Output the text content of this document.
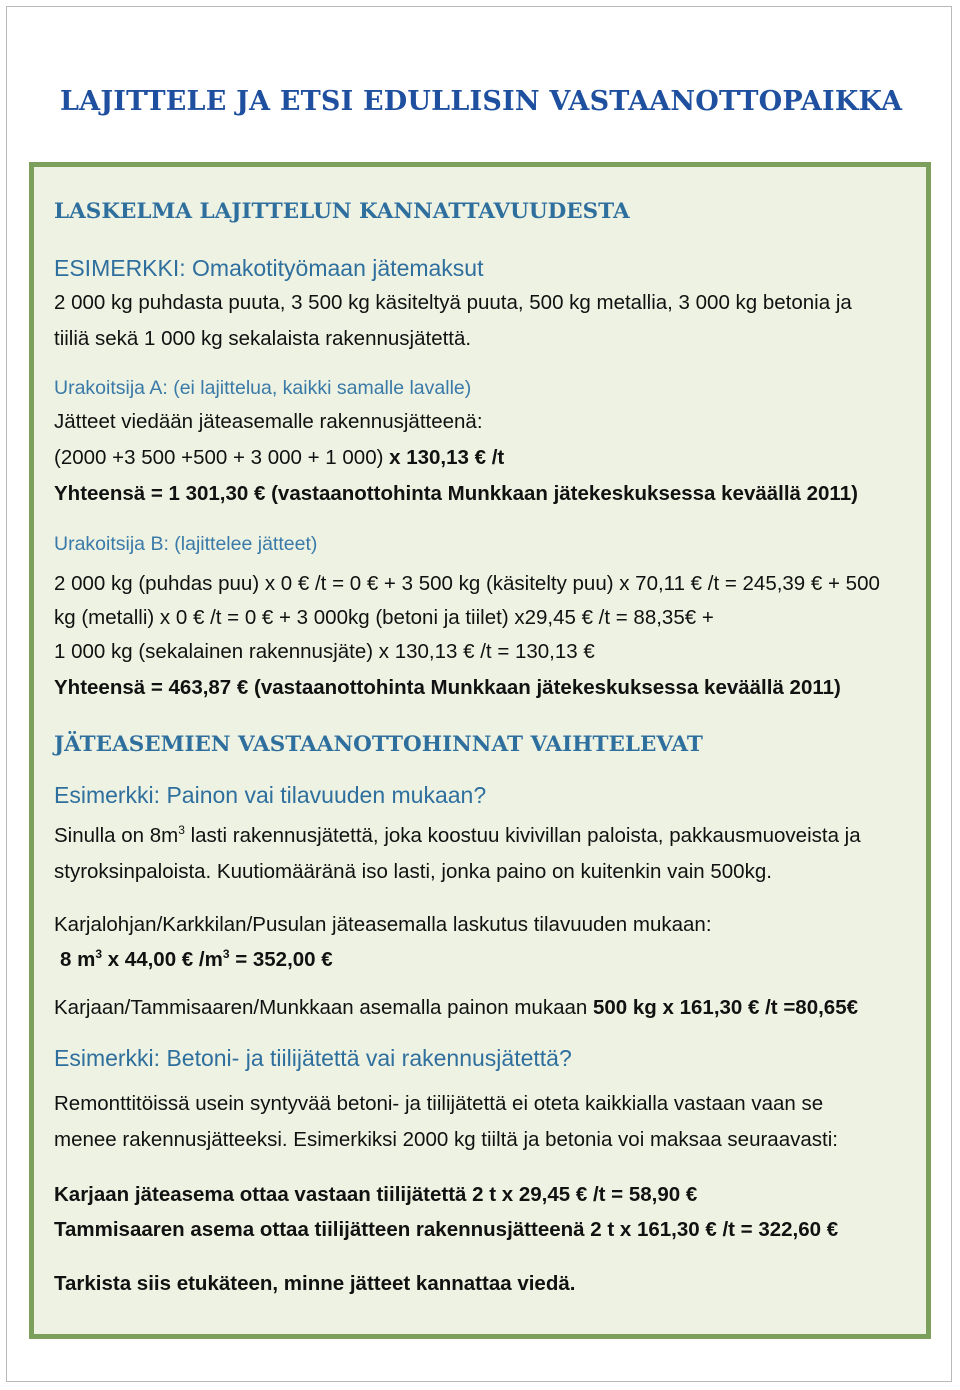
LAJITTELE JA ETSI EDULLISIN VASTAANOTTOPAIKKA
LASKELMA LAJITTELUN KANNATTAVUUDESTA
ESIMERKKI: Omakotityömaan jätemaksut
2 000 kg puhdasta puuta, 3 500 kg käsiteltyä puuta, 500 kg metallia, 3 000 kg betonia ja
tiiliä sekä 1 000 kg sekalaista rakennusjätettä.
Urakoitsija A: (ei lajittelua, kaikki samalle lavalle)
Jätteet viedään jäteasemalle rakennusjätteenä:
(2000 +3 500 +500 + 3 000 + 1 000) x 130,13 € /t
Yhteensä = 1 301,30 € (vastaanottohinta Munkkaan jätekeskuksessa keväällä 2011)
Urakoitsija B: (lajittelee jätteet)
2 000 kg (puhdas puu) x 0 € /t = 0 € + 3 500 kg (käsitelty puu) x 70,11 € /t = 245,39 € + 500
kg (metalli) x 0 € /t = 0 € + 3 000kg (betoni ja tiilet) x29,45 € /t = 88,35€ +
1 000 kg (sekalainen rakennusjäte) x 130,13 € /t = 130,13 €
Yhteensä = 463,87 € (vastaanottohinta Munkkaan jätekeskuksessa keväällä 2011)
JÄTEASEMIEN VASTAANOTTOHINNAT VAIHTELEVAT
Esimerkki: Painon vai tilavuuden mukaan?
Sinulla on $8m^3$ lasti rakennusjätettä, joka koostuu kivivillan paloista, pakkausmuoveista ja
styroksinpaloista. Kuutiomääränä iso lasti, jonka paino on kuitenkin vain 500kg.
Karjalohjan/Karkkilan/Pusulan jäteasemalla laskutus tilavuuden mukaan:
8 $m^3$ x 44,00 € $/m^3 = 352,00$ €
Karjaan/Tammisaaren/Munkkaan asemalla painon mukaan 500 kg x 161,30 € /t =80,65€
Esimerkki: Betoni- ja tiilijätettä vai rakennusjätettä?
Remonttitöissä usein syntyvää betoni- ja tiilijätettä ei oteta kaikkialla vastaan vaan se
menee rakennusjätteeksi. Esimerkiksi 2000 kg tiiltä ja betonia voi maksaa seuraavasti:
Karjaan jäteasema ottaa vastaan tiilijätettä 2 t x 29,45 € /t = 58,90 €
Tammisaaren asema ottaa tiilijätteen rakennusjätteenä 2 t x 161,30 € /t = 322,60 €
Tarkista siis etukäteen, minne jätteet kannattaa viedä.
